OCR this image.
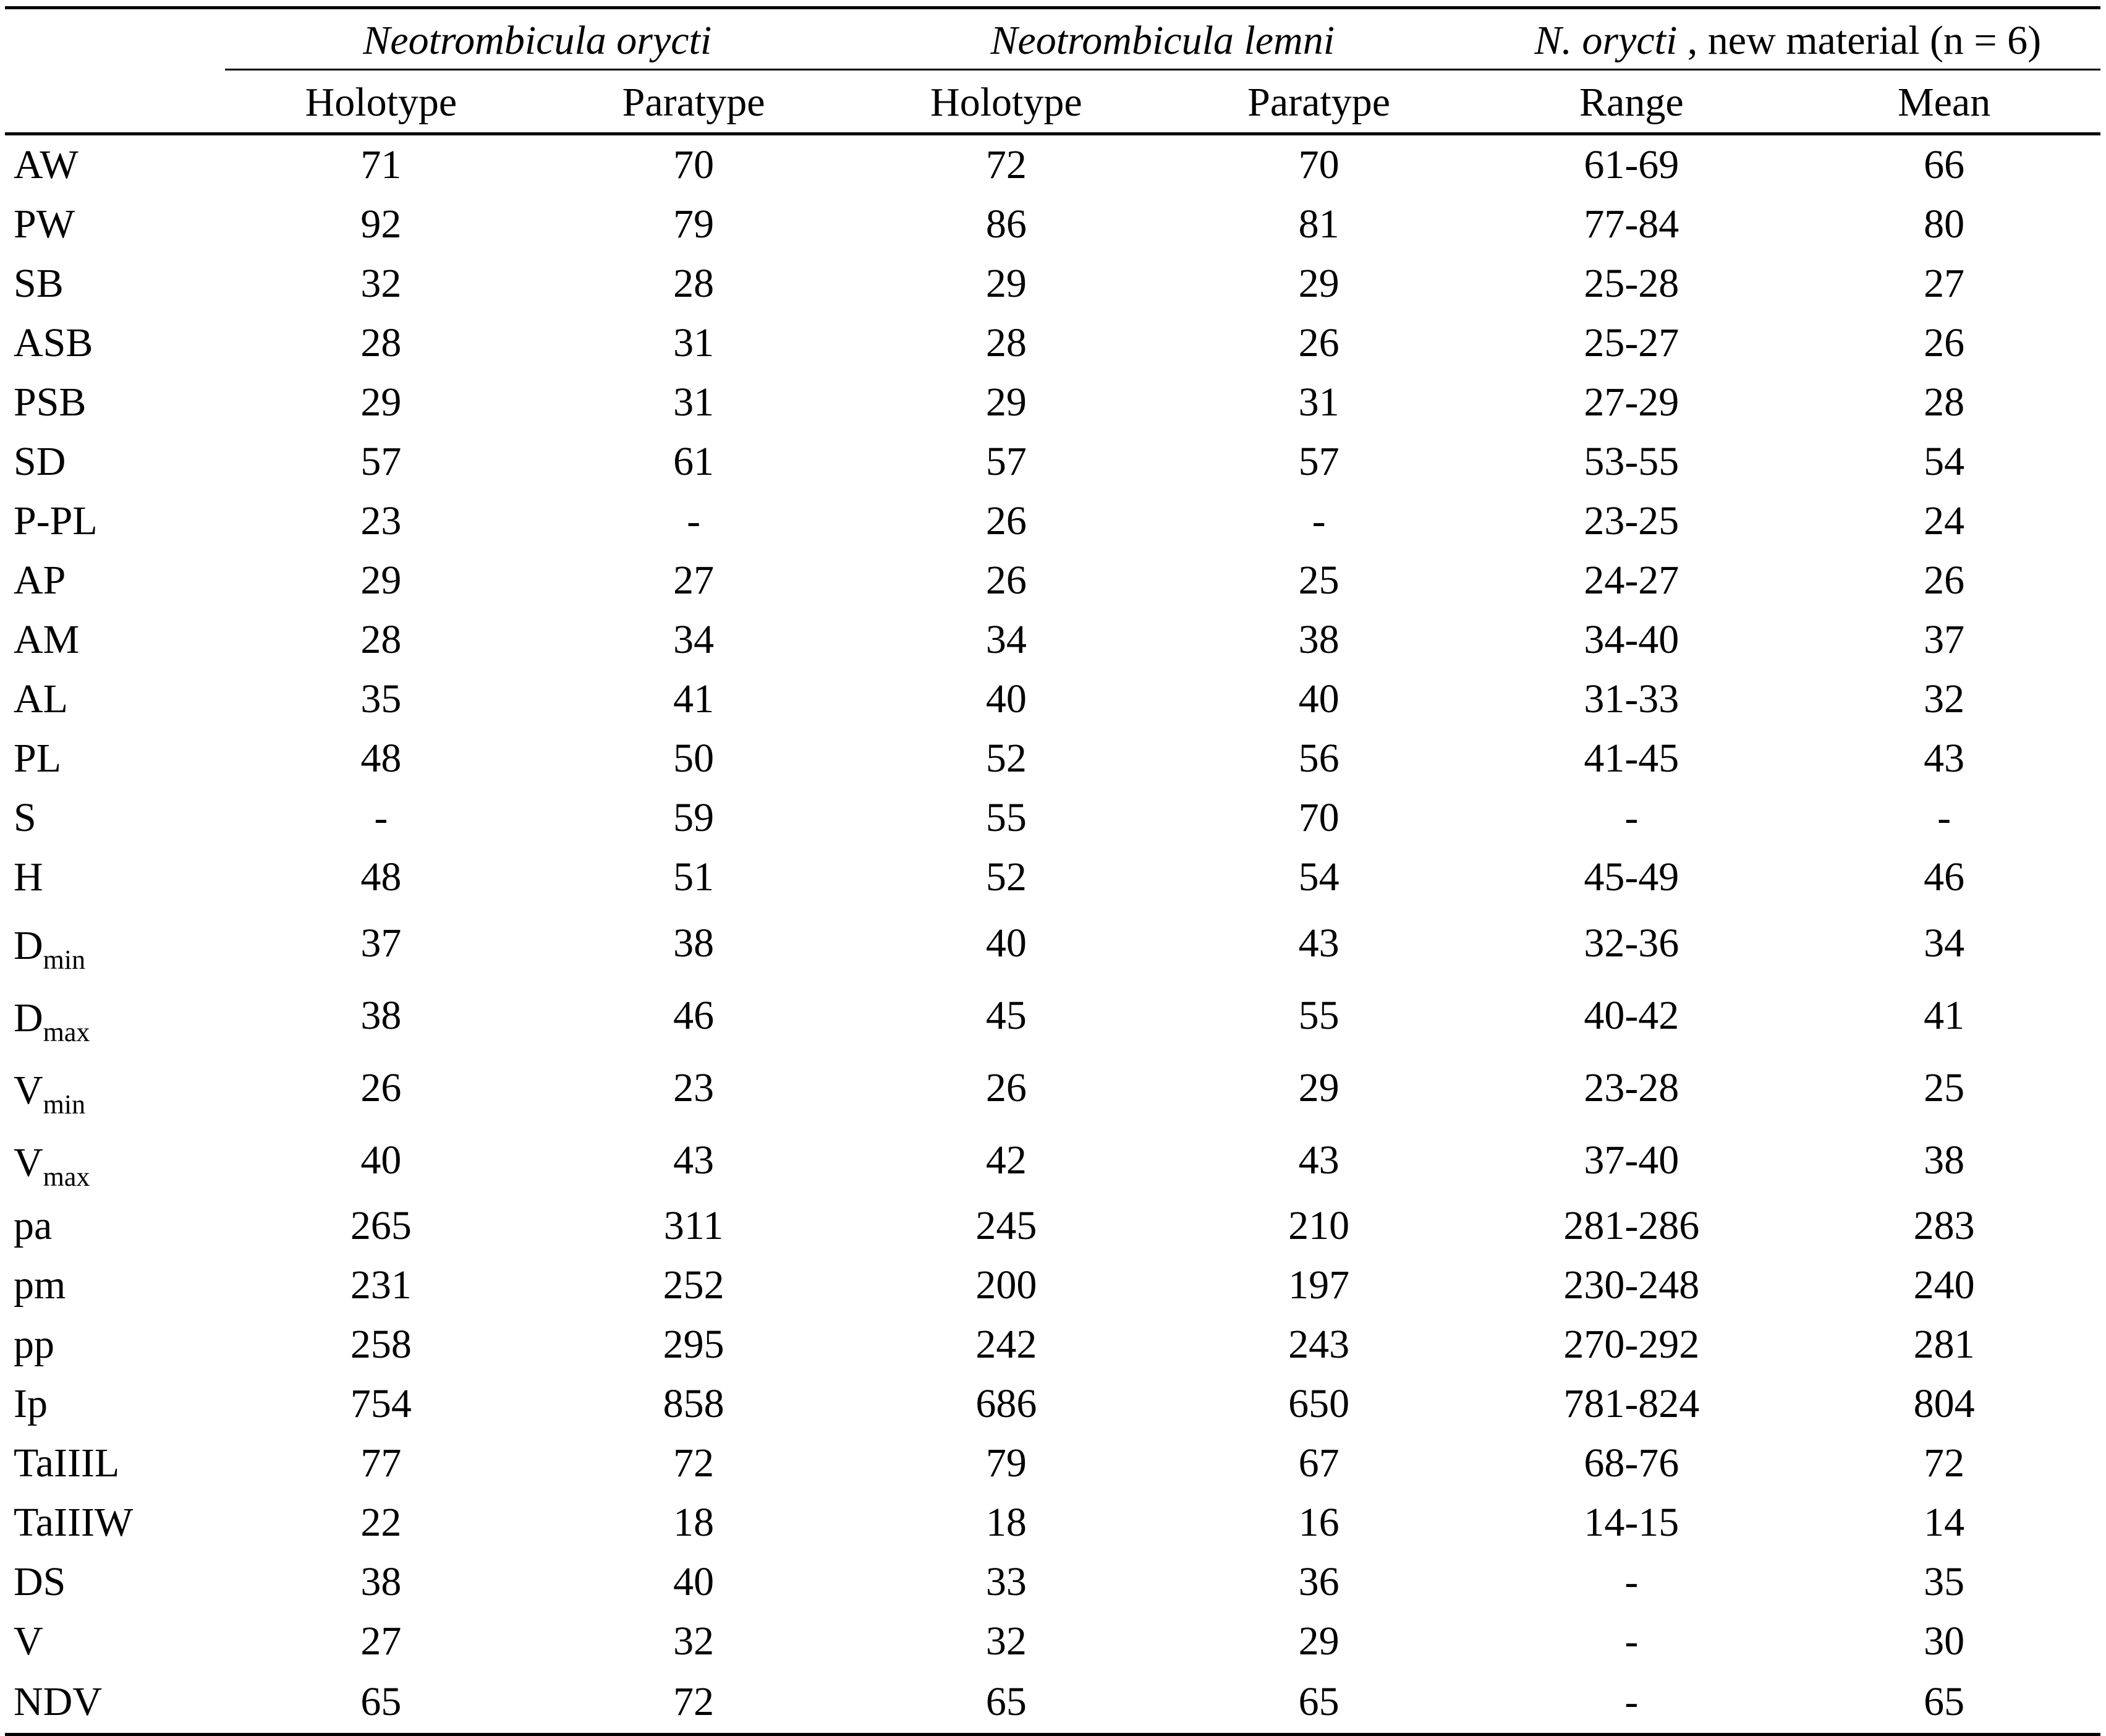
	Neotrombicula orycti		Neotrombicula lemni		N. orycti , new material (n = 6)	
	Holotype	Paratype	Holotype	Paratype	Range	Mean
AW	71	70	72	70	61-69	66
PW	92	79	86	81	77-84	80
SB	32	28	29	29	25-28	27
ASB	28	31	28	26	25-27	26
PSB	29	31	29	31	27-29	28
SD	57	61	57	57	53-55	54
P-PL	23	-	26	-	23-25	24
AP	29	27	26	25	24-27	26
AM	28	34	34	38	34-40	37
AL	35	41	40	40	31-33	32
PL	48	50	52	56	41-45	43
S	-	59	55	70	-	-
H	48	51	52	54	45-49	46
$D_{min}$	37	38	40	43	32-36	34
$D_{max}$	38	46	45	55	40-42	41
$V_{min}$	26	23	26	29	23-28	25
$V_{max}$	40	43	42	43	37-40	38
pa	265	311	245	210	281-286	283
pm	231	252	200	197	230-248	240
pp	258	295	242	243	270-292	281
Ip	754	858	686	650	781-824	804
TaIIIL	77	72	79	67	68-76	72
TaIIIW	22	18	18	16	14-15	14
DS	38	40	33	36	-	35
V	27	32	32	29	-	30
NDV	65	72	65	65	-	65
